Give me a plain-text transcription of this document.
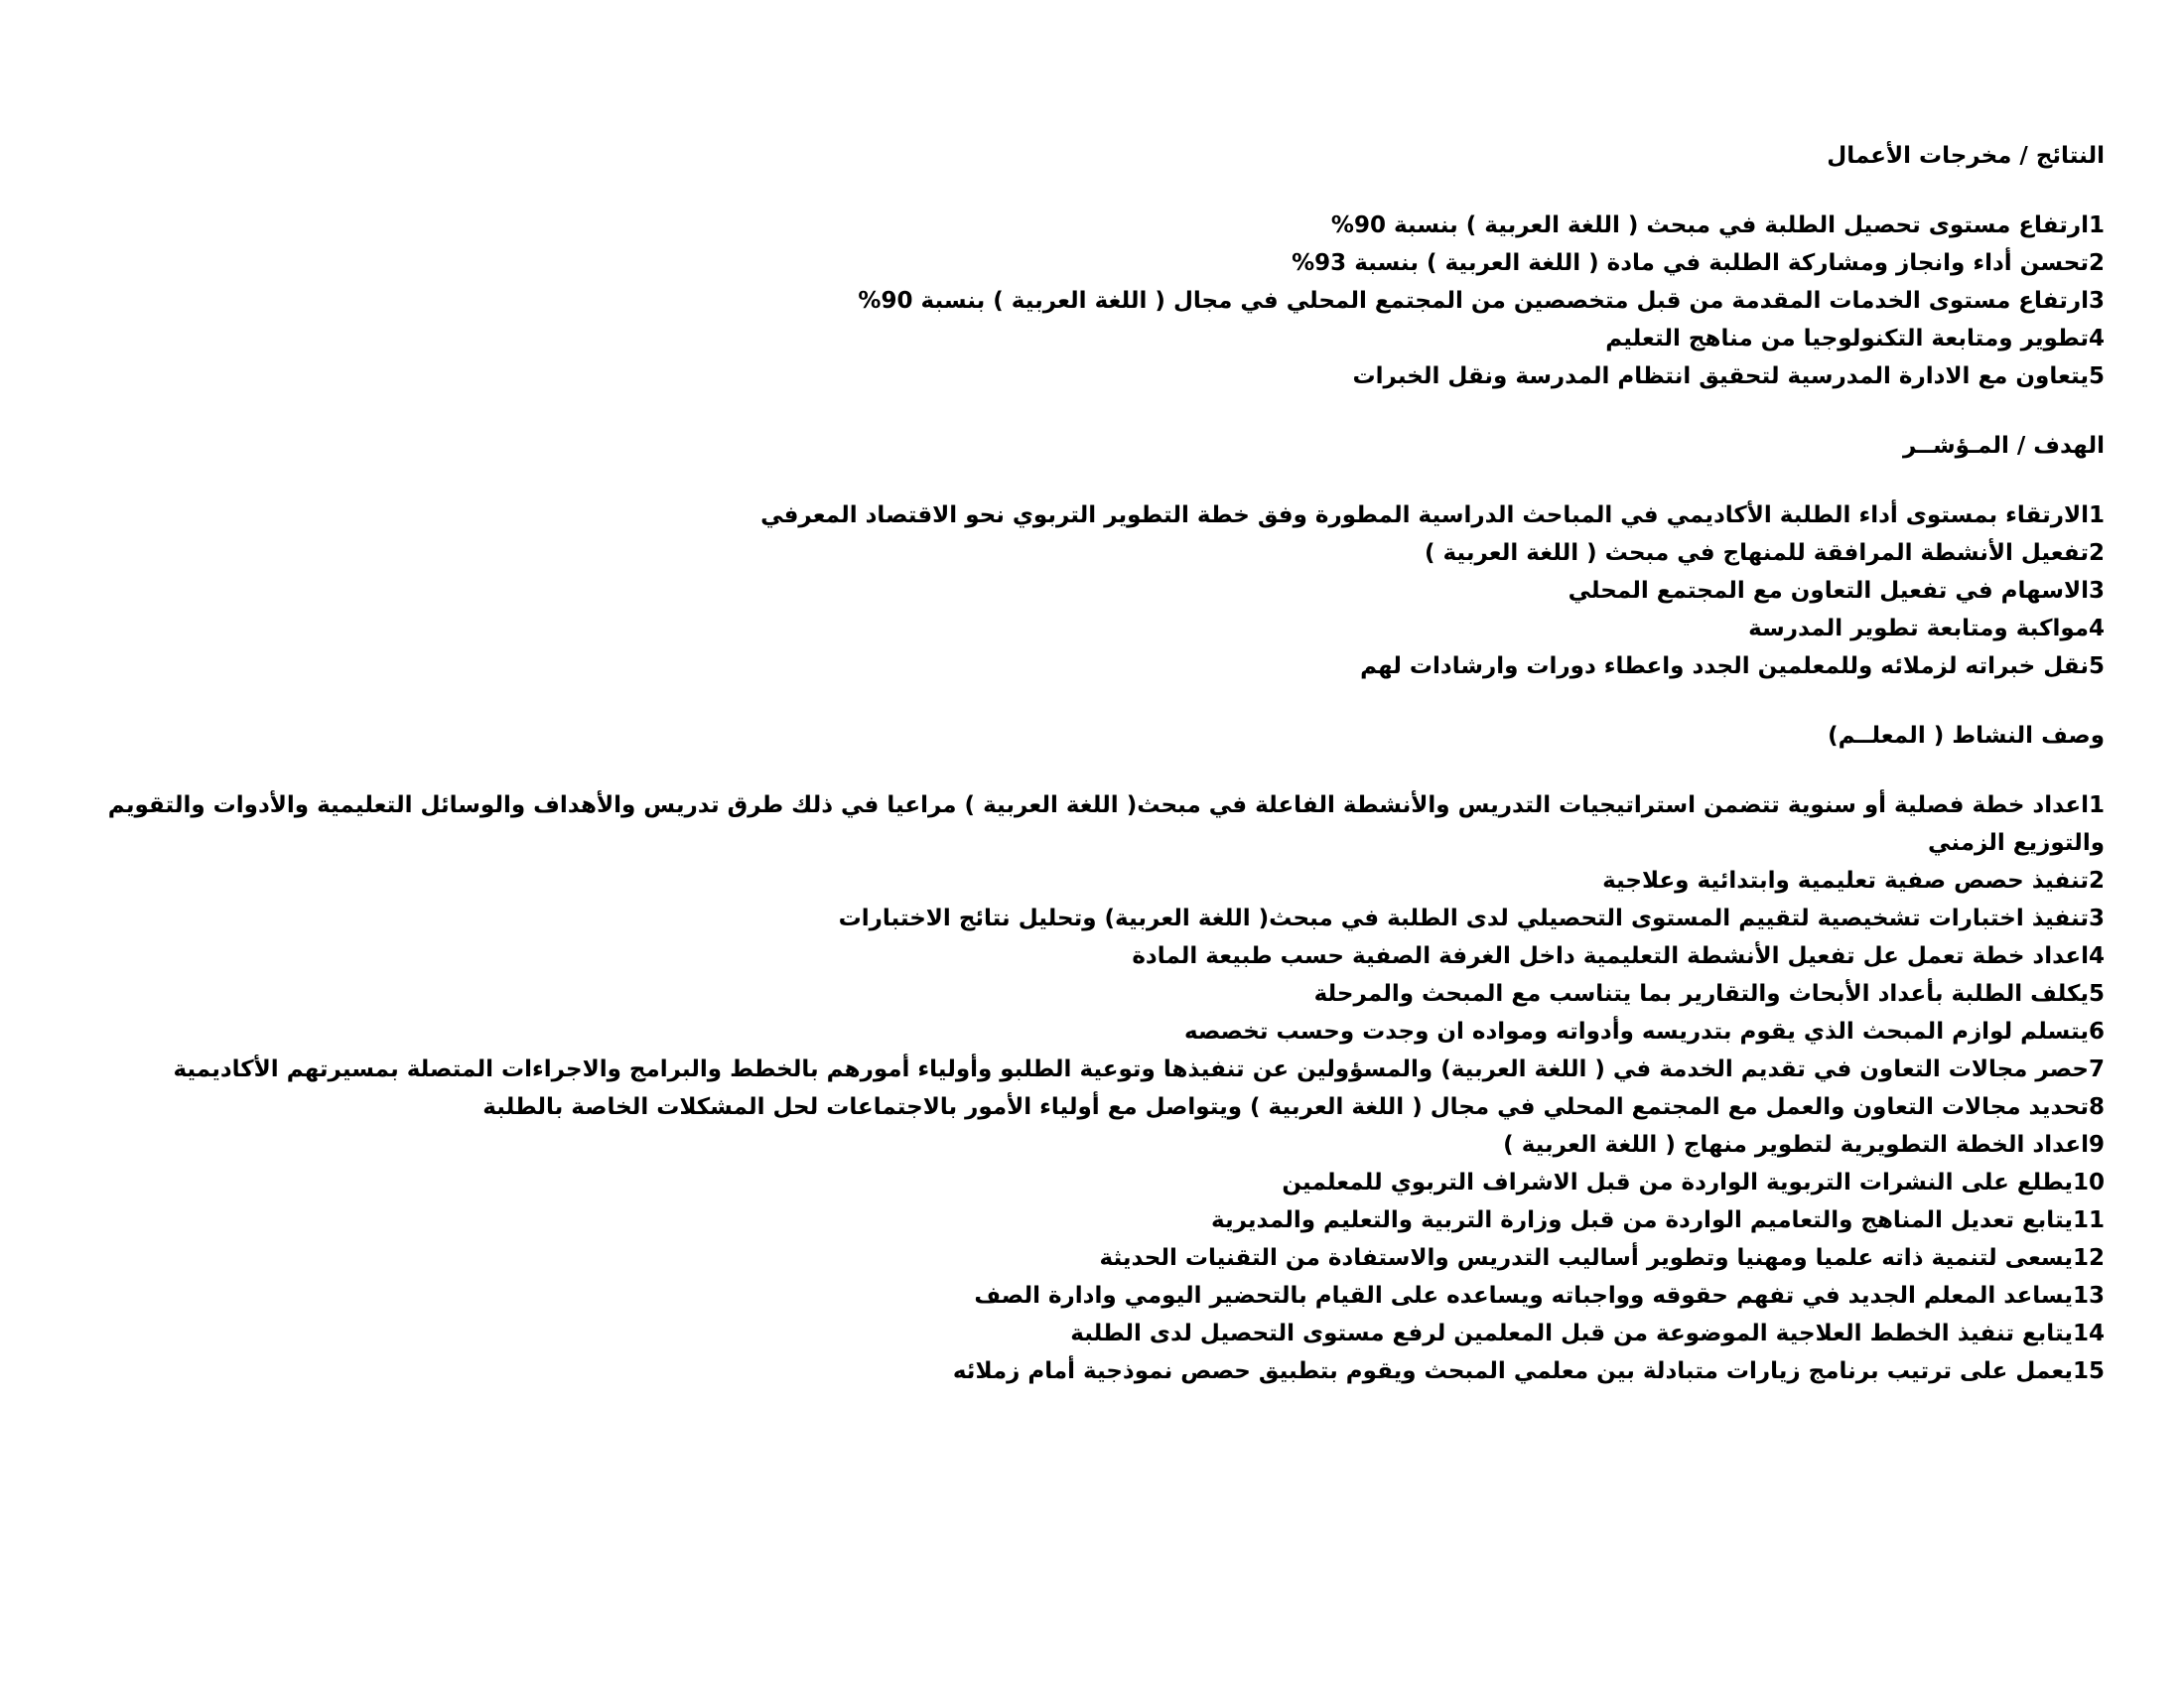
النتائج / مخرجات الأعمال
1ارتفاع مستوى تحصيل الطلبة في مبحث ( اللغة العربية ) بنسبة 90%
2تحسن أداء وانجاز ومشاركة الطلبة في مادة ( اللغة العربية ) بنسبة 93%
3ارتفاع مستوى الخدمات المقدمة من قبل متخصصين من المجتمع المحلي في مجال ( اللغة العربية ) بنسبة 90%
4تطوير ومتابعة التكنولوجيا من مناهج التعليم
5يتعاون مع الادارة المدرسية لتحقيق انتظام المدرسة ونقل الخبرات
الهدف / المـؤشــر
1الارتقاء بمستوى أداء الطلبة الأكاديمي في المباحث الدراسية المطورة وفق خطة التطوير التربوي نحو الاقتصاد المعرفي
2تفعيل الأنشطة المرافقة للمنهاج في مبحث ( اللغة العربية )
3الاسهام في تفعيل التعاون مع المجتمع المحلي
4مواكبة ومتابعة تطوير المدرسة
5نقل خبراته لزملائه وللمعلمين الجدد واعطاء دورات وارشادات لهم
وصف النشاط ( المعلــم)
1اعداد خطة فصلية أو سنوية تتضمن استراتيجيات التدريس والأنشطة الفاعلة في مبحث( اللغة العربية ) مراعيا في ذلك طرق تدريس والأهداف والوسائل التعليمية والأدوات والتقويم والتوزيع الزمني
2تنفيذ حصص صفية تعليمية وابتدائية وعلاجية
3تنفيذ اختبارات تشخيصية لتقييم المستوى التحصيلي لدى الطلبة في مبحث( اللغة العربية) وتحليل نتائج الاختبارات
4اعداد خطة تعمل عل تفعيل الأنشطة التعليمية داخل الغرفة الصفية حسب طبيعة المادة
5يكلف الطلبة بأعداد الأبحاث والتقارير بما يتناسب مع المبحث والمرحلة
6يتسلم لوازم المبحث الذي يقوم بتدريسه وأدواته ومواده ان وجدت وحسب تخصصه
7حصر مجالات التعاون في تقديم الخدمة في ( اللغة العربية) والمسؤولين عن تنفيذها وتوعية الطلبو وأولياء أمورهم بالخطط والبرامج والاجراءات المتصلة بمسيرتهم الأكاديمية
8تحديد مجالات التعاون والعمل مع المجتمع المحلي في مجال ( اللغة العربية ) ويتواصل مع أولياء الأمور بالاجتماعات لحل المشكلات الخاصة بالطلبة
9اعداد الخطة التطويرية لتطوير منهاج ( اللغة العربية )
10يطلع على النشرات التربوية الواردة من قبل الاشراف التربوي للمعلمين
11يتابع تعديل المناهج والتعاميم الواردة من قبل وزارة التربية والتعليم والمديرية
12يسعى لتنمية ذاته علميا ومهنيا وتطوير أساليب التدريس والاستفادة من التقنيات الحديثة
13يساعد المعلم الجديد في تفهم حقوقه وواجباته ويساعده على القيام بالتحضير اليومي وادارة الصف
14يتابع تنفيذ الخطط العلاجية الموضوعة من قبل المعلمين لرفع مستوى التحصيل لدى الطلبة
15يعمل على ترتيب برنامج زيارات متبادلة بين معلمي المبحث ويقوم بتطبيق حصص نموذجية أمام زملائه
